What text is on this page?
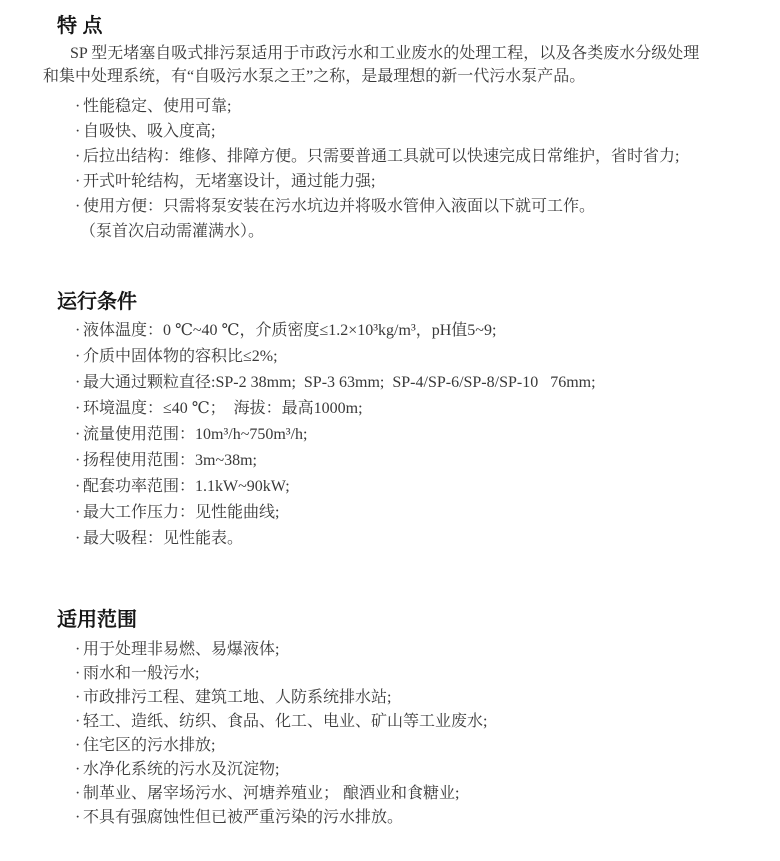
特 点

SP 型无堵塞自吸式排污泵适用于市政污水和工业废水的处理工程，以及各类废水分级处理和集中处理系统，有“自吸污水泵之王”之称，是最理想的新一代污水泵产品。

· 性能稳定、使用可靠;
· 自吸快、吸入度高;
· 后拉出结构：维修、排障方便。只需要普通工具就可以快速完成日常维护，省时省力;
· 开式叶轮结构，无堵塞设计，通过能力强;
· 使用方便：只需将泵安装在污水坑边并将吸水管伸入液面以下就可工作。
（泵首次启动需灌满水）。
运行条件
· 液体温度：0 ℃~40 ℃，介质密度≤1.2×10³kg/m³，pH值5~9;
· 介质中固体物的容积比≤2%;
· 最大通过颗粒直径:SP-2 38mm;  SP-3 63mm;  SP-4/SP-6/SP-8/SP-10   76mm;
· 环境温度：≤40 ℃；  海拔：最高1000m;
· 流量使用范围：10m³/h~750m³/h;
· 扬程使用范围：3m~38m;
· 配套功率范围：1.1kW~90kW;
· 最大工作压力：见性能曲线;
· 最大吸程：见性能表。
适用范围
· 用于处理非易燃、易爆液体;
· 雨水和一般污水;
· 市政排污工程、建筑工地、人防系统排水站;
· 轻工、造纸、纺织、食品、化工、电业、矿山等工业废水;
· 住宅区的污水排放;
· 水净化系统的污水及沉淀物;
· 制革业、屠宰场污水、河塘养殖业； 酿酒业和食糖业;
· 不具有强腐蚀性但已被严重污染的污水排放。
